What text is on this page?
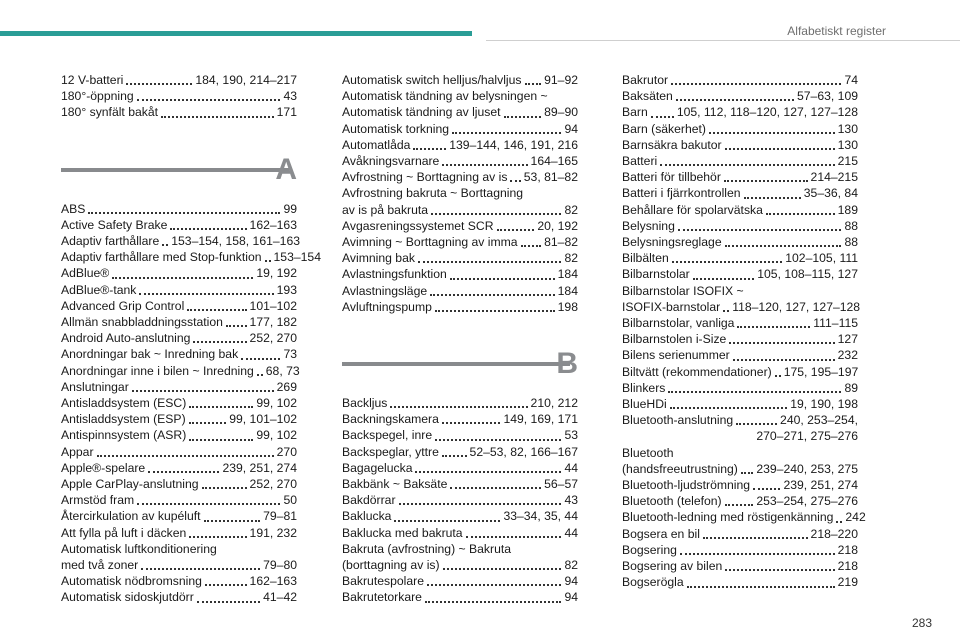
Alfabetiskt register
12 V-batteri	184, 190, 214–217
180°-öppning	43
180° synfält bakåt	171
A
ABS	99
Active Safety Brake	162–163
Adaptiv farthållare 153–154, 158, 161–163
Adaptiv farthållare med Stop-funktion 153–154
AdBlue®	19, 192
AdBlue®-tank	193
Advanced Grip Control	101–102
Allmän snabbladdningsstation 177, 182
Android Auto-anslutning	252, 270
Anordningar bak ~ Inredning bak	73
Anordningar inne i bilen ~ Inredning 68, 73
Anslutningar	269
Antisladdsystem (ESC)	99, 102
Antisladdsystem (ESP)	99, 101–102
Antispinnsystem (ASR)	99, 102
Appar	270
Apple®-spelare	239, 251, 274
Apple CarPlay-anslutning	252, 270
Armstöd fram	50
Återcirkulation av kupéluft	79–81
Att fylla på luft i däcken	191, 232
Automatisk luftkonditionering
med två zoner	79–80
Automatisk nödbromsning	162–163
Automatisk sidoskjutdörr	41–42
Automatisk switch helljus/halvljus 91–92
Automatisk tändning av belysningen ~
Automatisk tändning av ljuset	89–90
Automatisk torkning	94
Automatlåda	139–144, 146, 191, 216
Avåkningsvarnare	164–165
Avfrostning ~ Borttagning av is 53, 81–82
Avfrostning bakruta ~ Borttagning
av is på bakruta	82
Avgasreningssystemet SCR	20, 192
Avimning ~ Borttagning av imma 81–82
Avimning bak	82
Avlastningsfunktion	184
Avlastningsläge	184
Avluftningspump	198
B
Backljus	210, 212
Backningskamera	149, 169, 171
Backspegel, inre	53
Backspeglar, yttre	52–53, 82, 166–167
Bagagelucka	44
Bakbänk ~ Baksäte	56–57
Bakdörrar	43
Baklucka	33–34, 35, 44
Baklucka med bakruta	44
Bakruta (avfrostning) ~ Bakruta
(borttagning av is)	82
Bakrutespolare	94
Bakrutetorkare	94
Bakrutor	74
Baksäten	57–63, 109
Barn 105, 112, 118–120, 127, 127–128
Barn (säkerhet)	130
Barnsäkra bakutor	130
Batteri	215
Batteri för tillbehör	214–215
Batteri i fjärrkontrollen	35–36, 84
Behållare för spolarvätska	189
Belysning	88
Belysningsreglage	88
Bilbälten	102–105, 111
Bilbarnstolar	105, 108–115, 127
Bilbarnstolar ISOFIX ~
ISOFIX-barnstolar 118–120, 127, 127–128
Bilbarnstolar, vanliga	111–115
Bilbarnstolen i-Size	127
Bilens serienummer	232
Biltvätt (rekommendationer) 175, 195–197
Blinkers	89
BlueHDi	19, 190, 198
Bluetooth-anslutning	240, 253–254,
270–271, 275–276
Bluetooth
(handsfreeutrustning) 239–240, 253, 275
Bluetooth-ljudströmning	239, 251, 274
Bluetooth (telefon)	253–254, 275–276
Bluetooth-ledning med röstigenkänning 242
Bogsera en bil	218–220
Bogsering	218
Bogsering av bilen	218
Bogserögla	219
283
